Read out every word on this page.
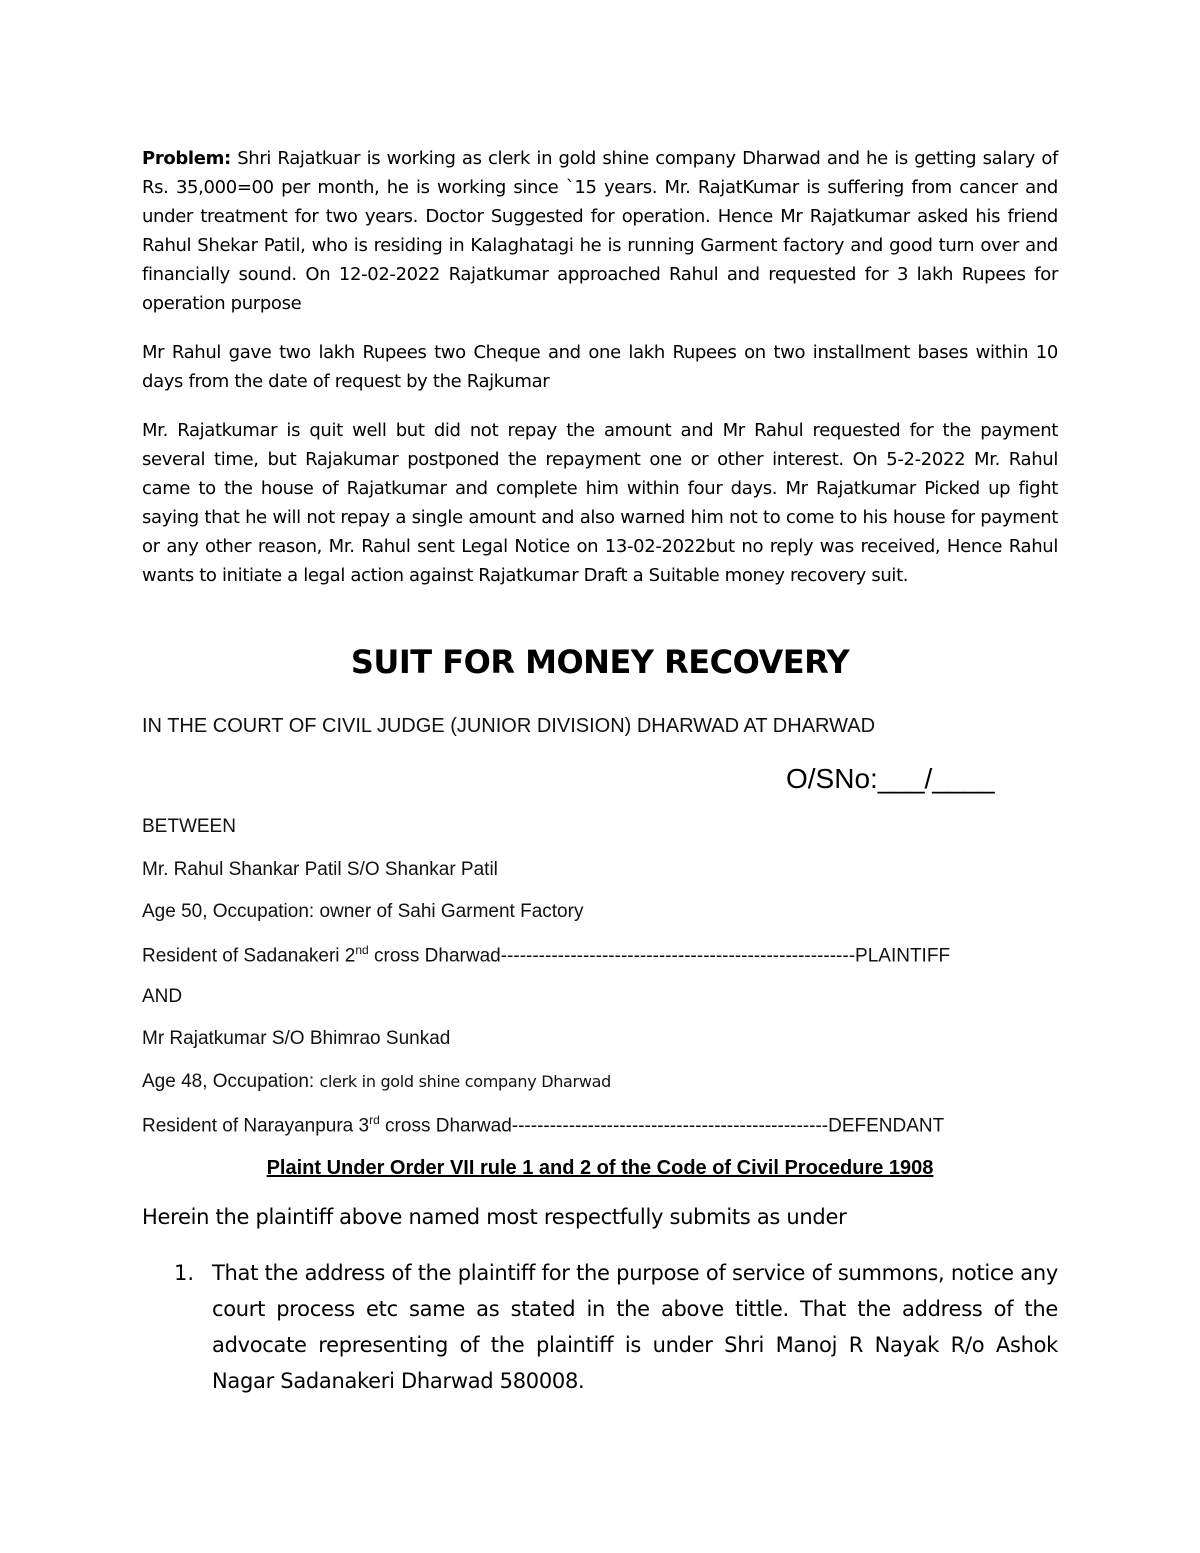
Problem: Shri Rajatkuar is working as clerk in gold shine company Dharwad and he is getting salary of Rs. 35,000=00 per month, he is working since `15 years. Mr. RajatKumar is suffering from cancer and under treatment for two years. Doctor Suggested for operation. Hence Mr Rajatkumar asked his friend Rahul Shekar Patil, who is residing in Kalaghatagi he is running Garment factory and good turn over and financially sound. On 12-02-2022 Rajatkumar approached Rahul and requested for 3 lakh Rupees for operation purpose

Mr Rahul gave two lakh Rupees two Cheque and one lakh Rupees on two installment bases within 10 days from the date of request by the Rajkumar

Mr. Rajatkumar is quit well but did not repay the amount and Mr Rahul requested for the payment several time, but Rajakumar postponed the repayment one or other interest. On 5-2-2022 Mr. Rahul came to the house of Rajatkumar and complete him within four days. Mr Rajatkumar Picked up fight saying that he will not repay a single amount and also warned him not to come to his house for payment or any other reason, Mr. Rahul sent Legal Notice on 13-02-2022but no reply was received, Hence Rahul wants to initiate a legal action against Rajatkumar Draft a Suitable money recovery suit.

SUIT FOR MONEY RECOVERY
IN THE COURT OF CIVIL JUDGE (JUNIOR DIVISION) DHARWAD AT DHARWAD
O/SNo:___/____
BETWEEN
Mr. Rahul Shankar Patil S/O Shankar Patil
Age 50, Occupation: owner of Sahi Garment Factory
Resident of Sadanakeri 2nd cross Dharwad--------------------------------------------------------PLAINTIFF
AND
Mr Rajatkumar S/O Bhimrao Sunkad
Age 48, Occupation: clerk in gold shine company Dharwad
Resident of Narayanpura 3rd cross Dharwad--------------------------------------------------DEFENDANT
Plaint Under Order VII rule 1 and 2 of the Code of Civil Procedure 1908
Herein the plaintiff above named most respectfully submits as under
1. That the address of the plaintiff for the purpose of service of summons, notice any court process etc same as stated in the above tittle. That the address of the advocate representing of the plaintiff is under Shri Manoj R Nayak R/o Ashok Nagar Sadanakeri Dharwad 580008.
